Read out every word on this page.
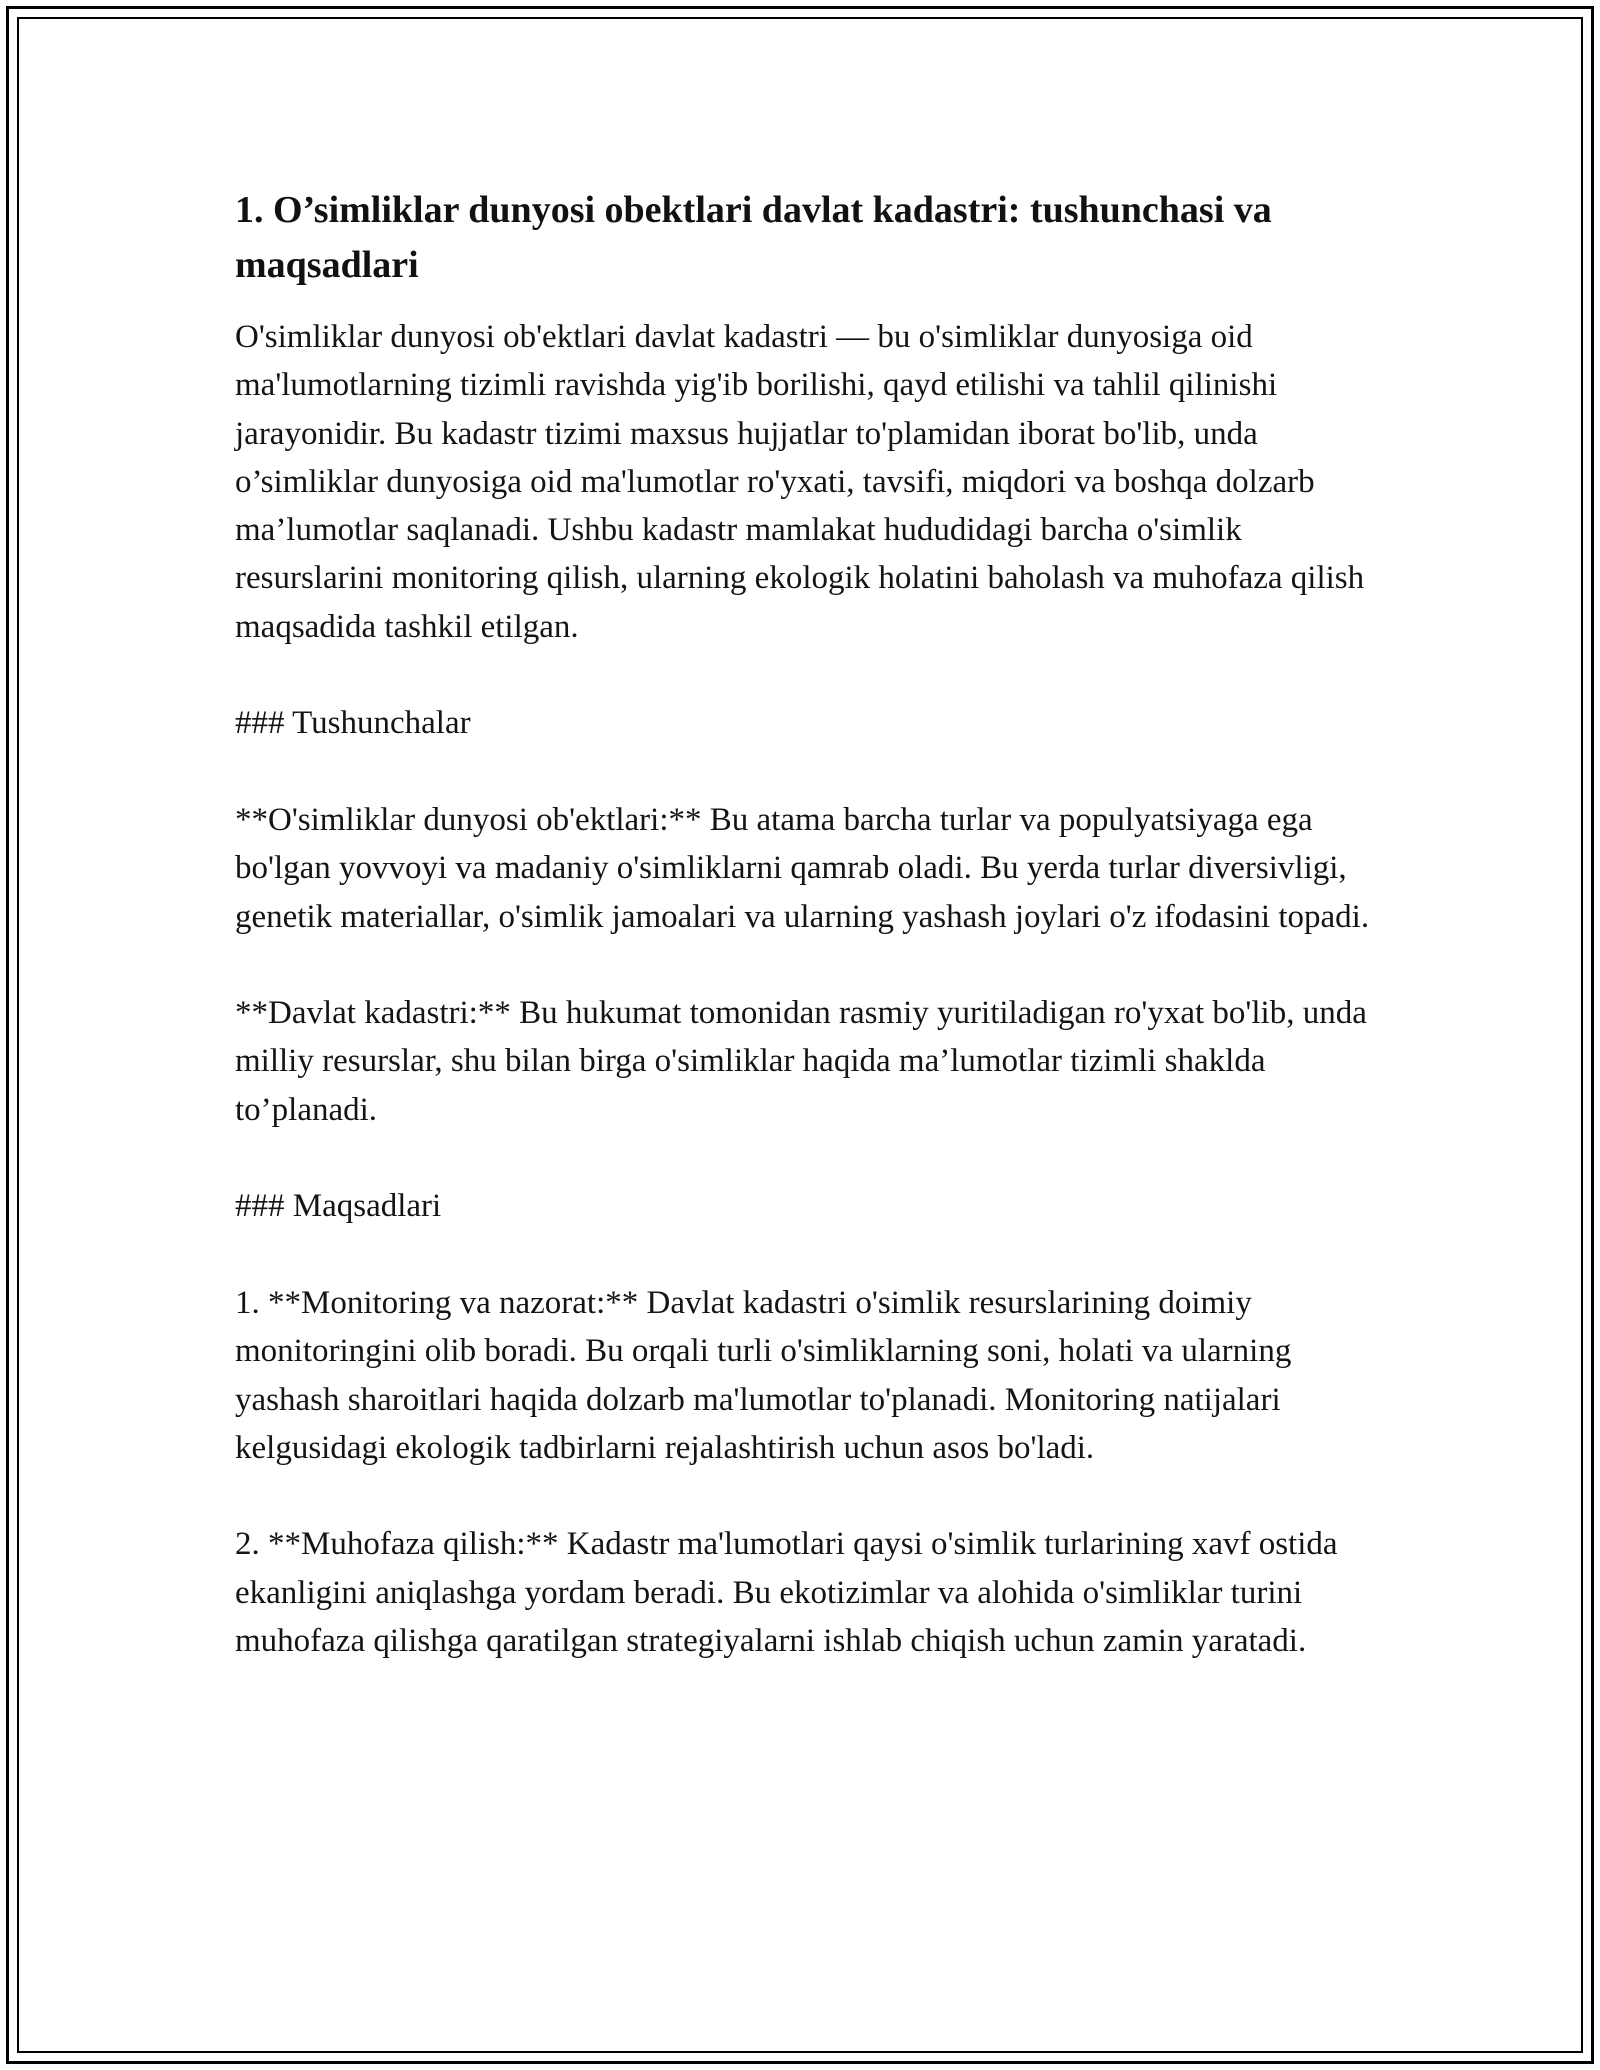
1. O’simliklar dunyosi obektlari davlat kadastri: tushunchasi va maqsadlari

O'simliklar dunyosi ob'ektlari davlat kadastri — bu o'simliklar dunyosiga oid ma'lumotlarning tizimli ravishda yig'ib borilishi, qayd etilishi va tahlil qilinishi jarayonidir. Bu kadastr tizimi maxsus hujjatlar to'plamidan iborat bo'lib, unda o’simliklar dunyosiga oid ma'lumotlar ro'yxati, tavsifi, miqdori va boshqa dolzarb ma’lumotlar saqlanadi. Ushbu kadastr mamlakat hududidagi barcha o'simlik resurslarini monitoring qilish, ularning ekologik holatini baholash va muhofaza qilish maqsadida tashkil etilgan.

### Tushunchalar

**O'simliklar dunyosi ob'ektlari:** Bu atama barcha turlar va populyatsiyaga ega bo'lgan yovvoyi va madaniy o'simliklarni qamrab oladi. Bu yerda turlar diversivligi, genetik materiallar, o'simlik jamoalari va ularning yashash joylari o'z ifodasini topadi.

**Davlat kadastri:** Bu hukumat tomonidan rasmiy yuritiladigan ro'yxat bo'lib, unda milliy resurslar, shu bilan birga o'simliklar haqida ma’lumotlar tizimli shaklda to’planadi.

### Maqsadlari

1. **Monitoring va nazorat:** Davlat kadastri o'simlik resurslarining doimiy monitoringini olib boradi. Bu orqali turli o'simliklarning soni, holati va ularning yashash sharoitlari haqida dolzarb ma'lumotlar to'planadi. Monitoring natijalari kelgusidagi ekologik tadbirlarni rejalashtirish uchun asos bo'ladi.

2. **Muhofaza qilish:** Kadastr ma'lumotlari qaysi o'simlik turlarining xavf ostida ekanligini aniqlashga yordam beradi. Bu ekotizimlar va alohida o'simliklar turini muhofaza qilishga qaratilgan strategiyalarni ishlab chiqish uchun zamin yaratadi.
